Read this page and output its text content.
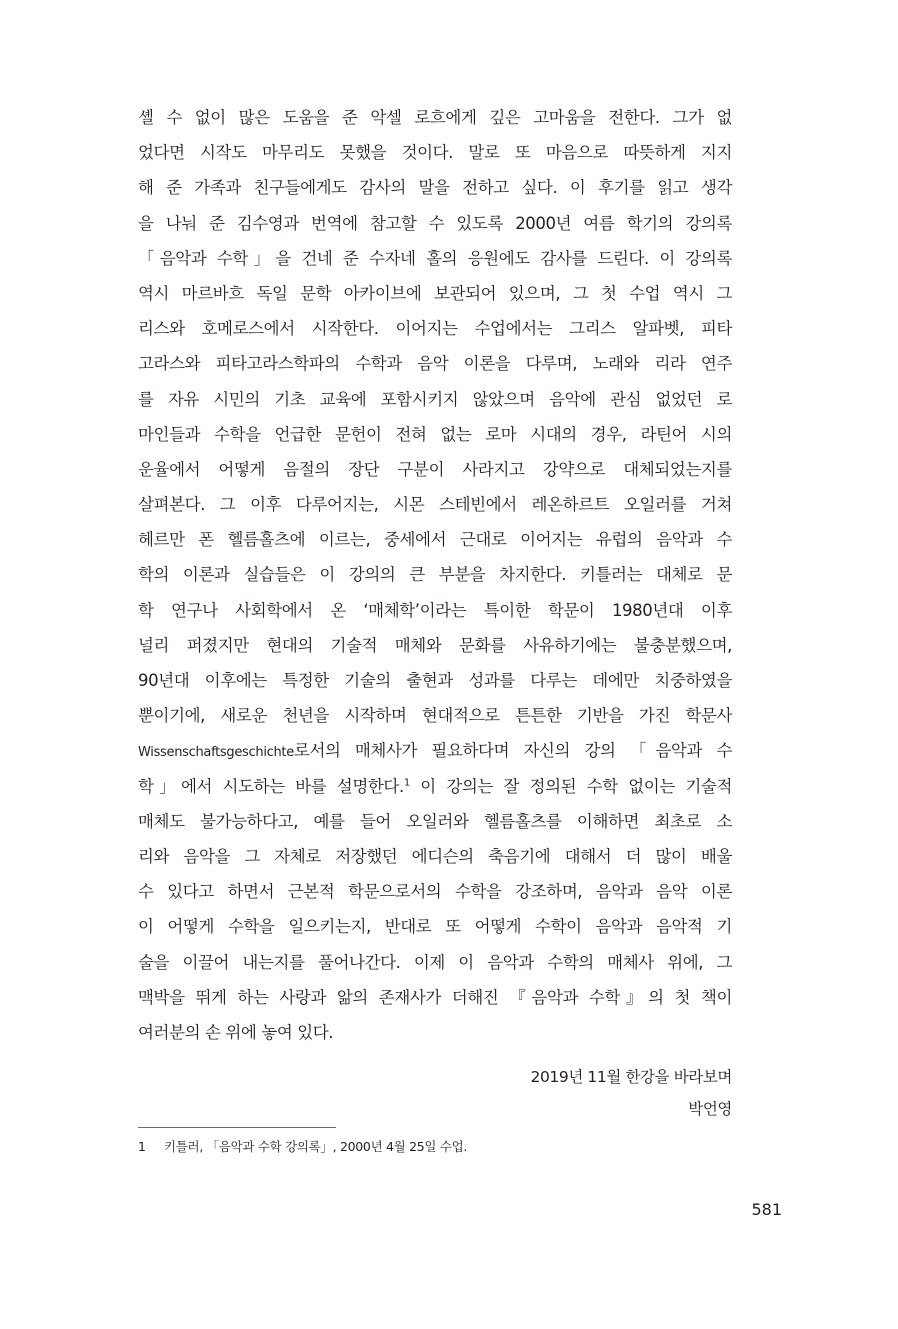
셸 수 없이 많은 도움을 준 악셀 로흐에게 깊은 고마움을 전한다. 그가 없
었다면 시작도 마무리도 못했을 것이다. 말로 또 마음으로 따뜻하게 지지
해 준 가족과 친구들에게도 감사의 말을 전하고 싶다. 이 후기를 읽고 생각
을 나눠 준 김수영과 번역에 참고할 수 있도록 2000년 여름 학기의 강의록
「음악과 수학」을 건네 준 수자네 홀의 응원에도 감사를 드린다. 이 강의록
역시 마르바흐 독일 문학 아카이브에 보관되어 있으며, 그 첫 수업 역시 그
리스와 호메로스에서 시작한다. 이어지는 수업에서는 그리스 알파벳, 피타
고라스와 피타고라스학파의 수학과 음악 이론을 다루며, 노래와 리라 연주
를 자유 시민의 기초 교육에 포함시키지 않았으며 음악에 관심 없었던 로
마인들과 수학을 언급한 문헌이 전혀 없는 로마 시대의 경우, 라틴어 시의
운율에서 어떻게 음절의 장단 구분이 사라지고 강약으로 대체되었는지를
살펴본다. 그 이후 다루어지는, 시몬 스테빈에서 레온하르트 오일러를 거쳐
헤르만 폰 헬름홀츠에 이르는, 중세에서 근대로 이어지는 유럽의 음악과 수
학의 이론과 실습들은 이 강의의 큰 부분을 차지한다. 키틀러는 대체로 문
학 연구나 사회학에서 온 ‘매체학’이라는 특이한 학문이 1980년대 이후
널리 퍼졌지만 현대의 기술적 매체와 문화를 사유하기에는 불충분했으며,
90년대 이후에는 특정한 기술의 출현과 성과를 다루는 데에만 치중하였을
뿐이기에, 새로운 천년을 시작하며 현대적으로 튼튼한 기반을 가진 학문사
Wissenschaftsgeschichte로서의 매체사가 필요하다며 자신의 강의 「음악과 수
학」에서 시도하는 바를 설명한다.$^1$ 이 강의는 잘 정의된 수학 없이는 기술적
매체도 불가능하다고, 예를 들어 오일러와 헬름홀츠를 이해하면 최초로 소
리와 음악을 그 자체로 저장했던 에디슨의 축음기에 대해서 더 많이 배울
수 있다고 하면서 근본적 학문으로서의 수학을 강조하며, 음악과 음악 이론
이 어떻게 수학을 일으키는지, 반대로 또 어떻게 수학이 음악과 음악적 기
술을 이끌어 내는지를 풀어나간다. 이제 이 음악과 수학의 매체사 위에, 그
맥박을 뛰게 하는 사랑과 앎의 존재사가 더해진 『음악과 수학』의 첫 책이
여러분의 손 위에 놓여 있다.
2019년 11월 한강을 바라보며
박언영
1 키틀러, 「음악과 수학 강의록」, 2000년 4월 25일 수업.
581
